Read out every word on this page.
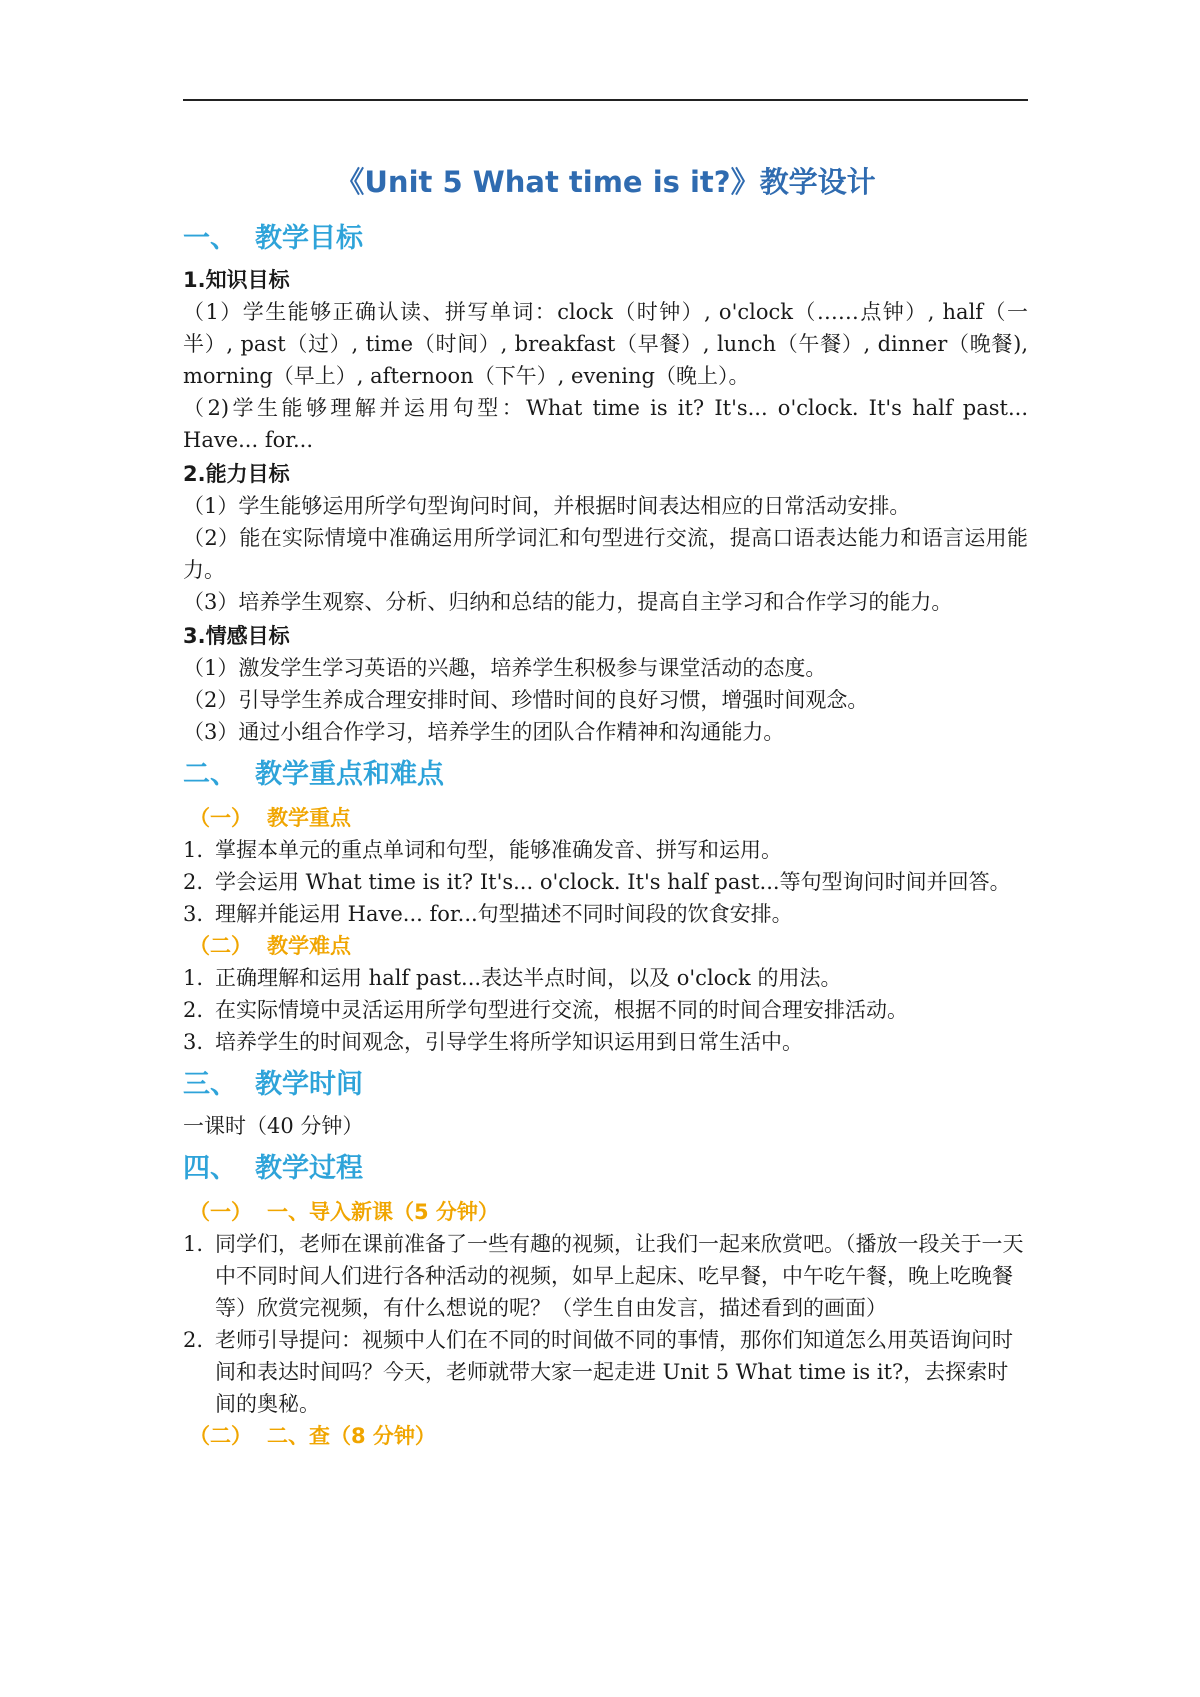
《Unit 5 What time is it?》教学设计
一、 教学目标
1.知识目标

（1）学生能够正确认读、拼写单词：clock（时钟）, o'clock（……点钟）, half（一半）, past（过）, time（时间）, breakfast（早餐）, lunch（午餐）, dinner（晚餐), morning（早上）, afternoon（下午）, evening（晚上）。

（2)学生能够理解并运用句型：What time is it? It's... o'clock. It's half past... Have... for...

2.能力目标

（1）学生能够运用所学句型询问时间，并根据时间表达相应的日常活动安排。

（2）能在实际情境中准确运用所学词汇和句型进行交流，提高口语表达能力和语言运用能力。

（3）培养学生观察、分析、归纳和总结的能力，提高自主学习和合作学习的能力。

3.情感目标

（1）激发学生学习英语的兴趣，培养学生积极参与课堂活动的态度。

（2）引导学生养成合理安排时间、珍惜时间的良好习惯，增强时间观念。

（3）通过小组合作学习，培养学生的团队合作精神和沟通能力。

二、 教学重点和难点
（一） 教学重点
1. 掌握本单元的重点单词和句型，能够准确发音、拼写和运用。
2. 学会运用 What time is it? It's... o'clock. It's half past...等句型询问时间并回答。
3. 理解并能运用 Have... for...句型描述不同时间段的饮食安排。
（二） 教学难点
1. 正确理解和运用 half past...表达半点时间，以及 o'clock 的用法。
2. 在实际情境中灵活运用所学句型进行交流，根据不同的时间合理安排活动。
3. 培养学生的时间观念，引导学生将所学知识运用到日常生活中。
三、 教学时间

一课时（40 分钟）

四、 教学过程
（一） 一、导入新课（5 分钟）
1. 同学们，老师在课前准备了一些有趣的视频，让我们一起来欣赏吧。（播放一段关于一天中不同时间人们进行各种活动的视频，如早上起床、吃早餐，中午吃午餐，晚上吃晚餐等）欣赏完视频，有什么想说的呢？（学生自由发言，描述看到的画面）
2. 老师引导提问：视频中人们在不同的时间做不同的事情，那你们知道怎么用英语询问时间和表达时间吗？今天，老师就带大家一起走进 Unit 5 What time is it?，去探索时间的奥秘。
（二） 二、查（8 分钟）
